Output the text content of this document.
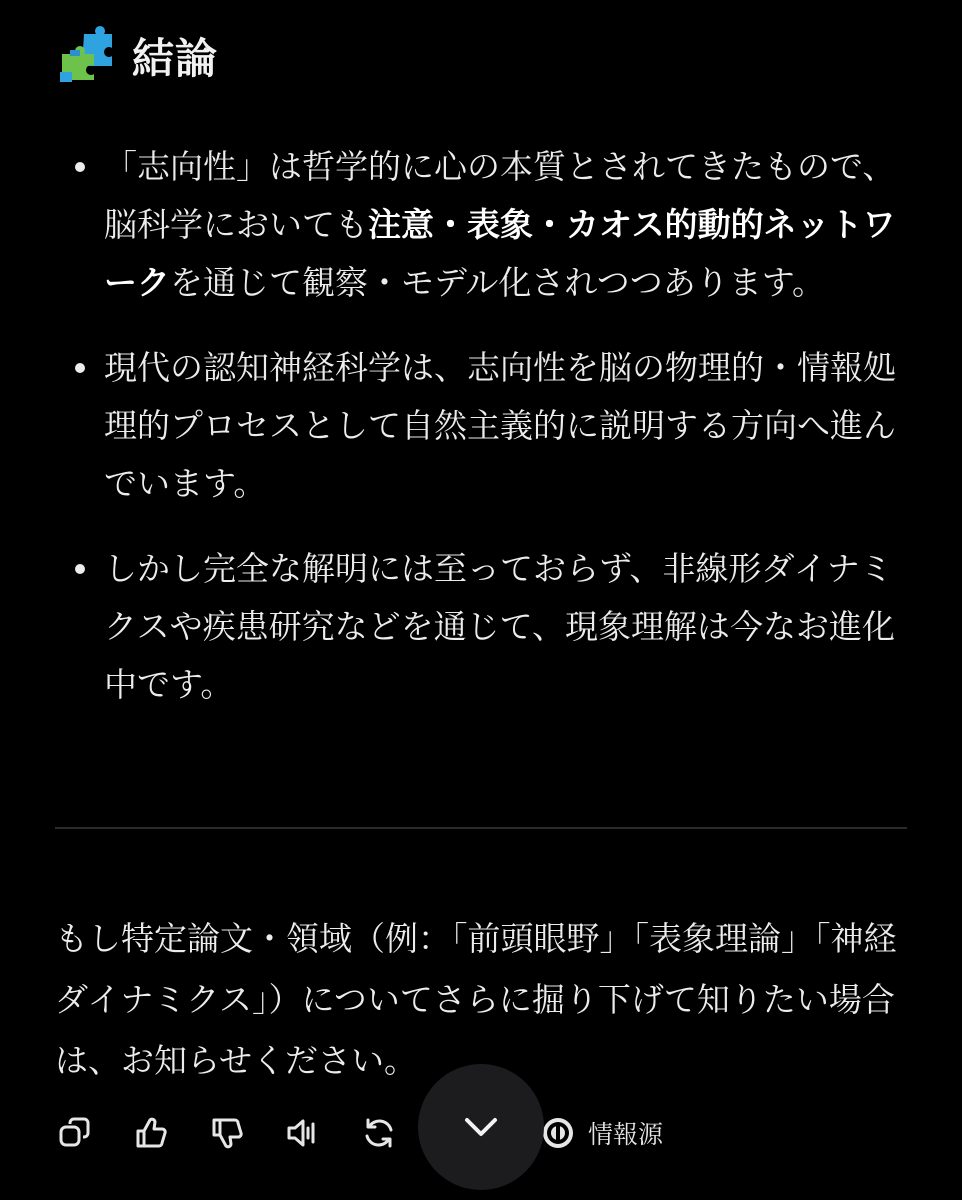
結論
「志向性」は哲学的に心の本質とされてきたもので、脳科学においても注意・表象・カオス的動的ネットワークを通じて観察・モデル化されつつあります。
現代の認知神経科学は、志向性を脳の物理的・情報処理的プロセスとして自然主義的に説明する方向へ進んでいます。
しかし完全な解明には至っておらず、非線形ダイナミクスや疾患研究などを通じて、現象理解は今なお進化中です。

もし特定論文・領域（例：「前頭眼野」「表象理論」「神経ダイナミクス」）についてさらに掘り下げて知りたい場合は、お知らせください。

情報源
